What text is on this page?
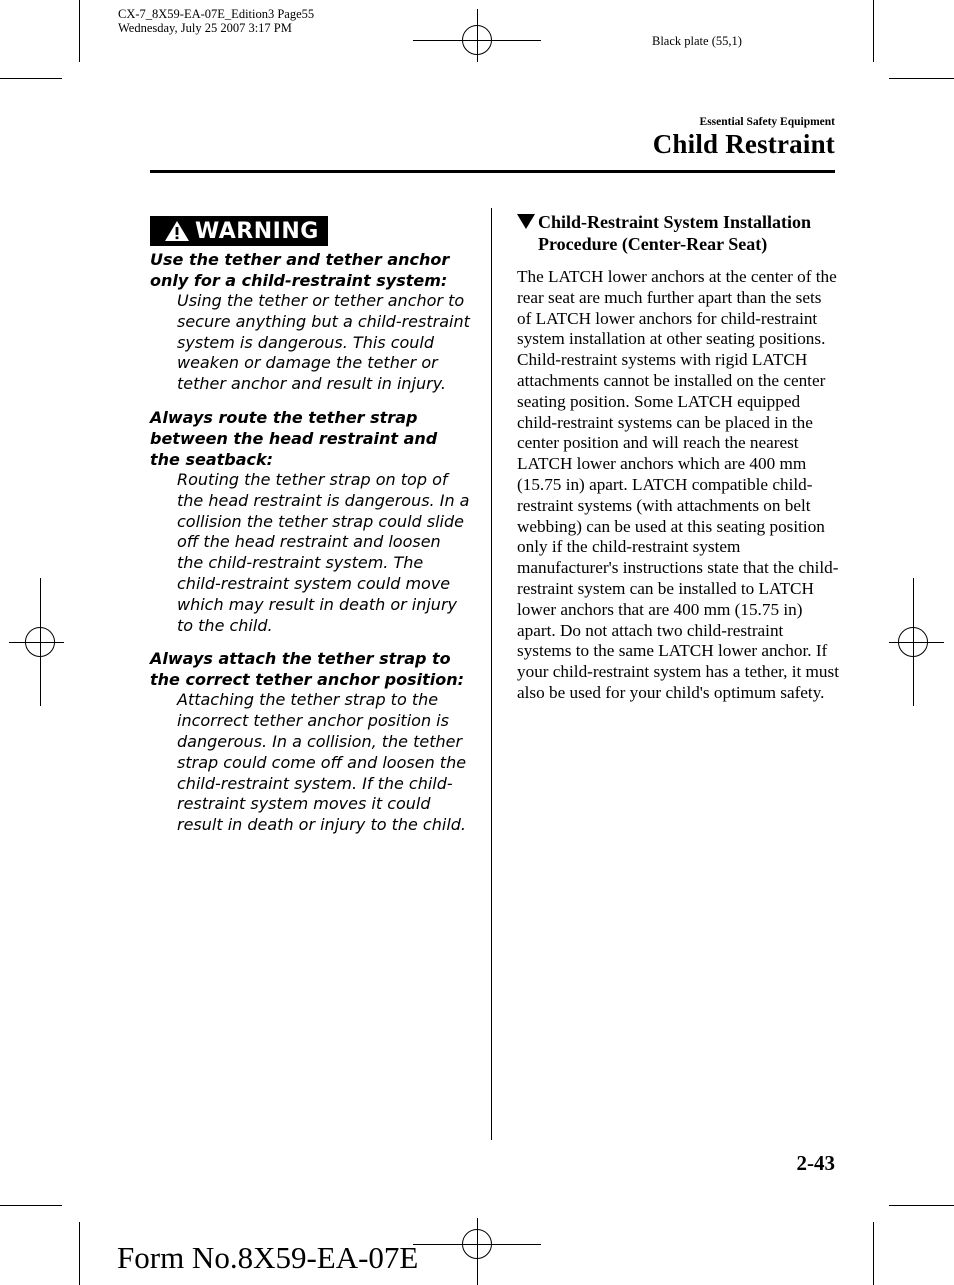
CX-7_8X59-EA-07E_Edition3 Page55
Wednesday, July 25 2007 3:17 PM
Black plate (55,1)
Essential Safety Equipment
Child Restraint
WARNING
Use the tether and tether anchor only for a child-restraint system:
Using the tether or tether anchor to secure anything but a child-restraint system is dangerous. This could weaken or damage the tether or tether anchor and result in injury.
Always route the tether strap between the head restraint and the seatback:
Routing the tether strap on top of the head restraint is dangerous. In a collision the tether strap could slide off the head restraint and loosen the child-restraint system. The child-restraint system could move which may result in death or injury to the child.
Always attach the tether strap to the correct tether anchor position:
Attaching the tether strap to the incorrect tether anchor position is dangerous. In a collision, the tether strap could come off and loosen the child-restraint system. If the child-restraint system moves it could result in death or injury to the child.
Child-Restraint System Installation Procedure (Center-Rear Seat)
The LATCH lower anchors at the center of the rear seat are much further apart than the sets of LATCH lower anchors for child-restraint system installation at other seating positions. Child-restraint systems with rigid LATCH attachments cannot be installed on the center seating position. Some LATCH equipped child-restraint systems can be placed in the center position and will reach the nearest LATCH lower anchors which are 400 mm (15.75 in) apart. LATCH compatible child-restraint systems (with attachments on belt webbing) can be used at this seating position only if the child-restraint system manufacturer's instructions state that the child-restraint system can be installed to LATCH lower anchors that are 400 mm (15.75 in) apart. Do not attach two child-restraint systems to the same LATCH lower anchor. If your child-restraint system has a tether, it must also be used for your child's optimum safety.
2-43
Form No.8X59-EA-07E
